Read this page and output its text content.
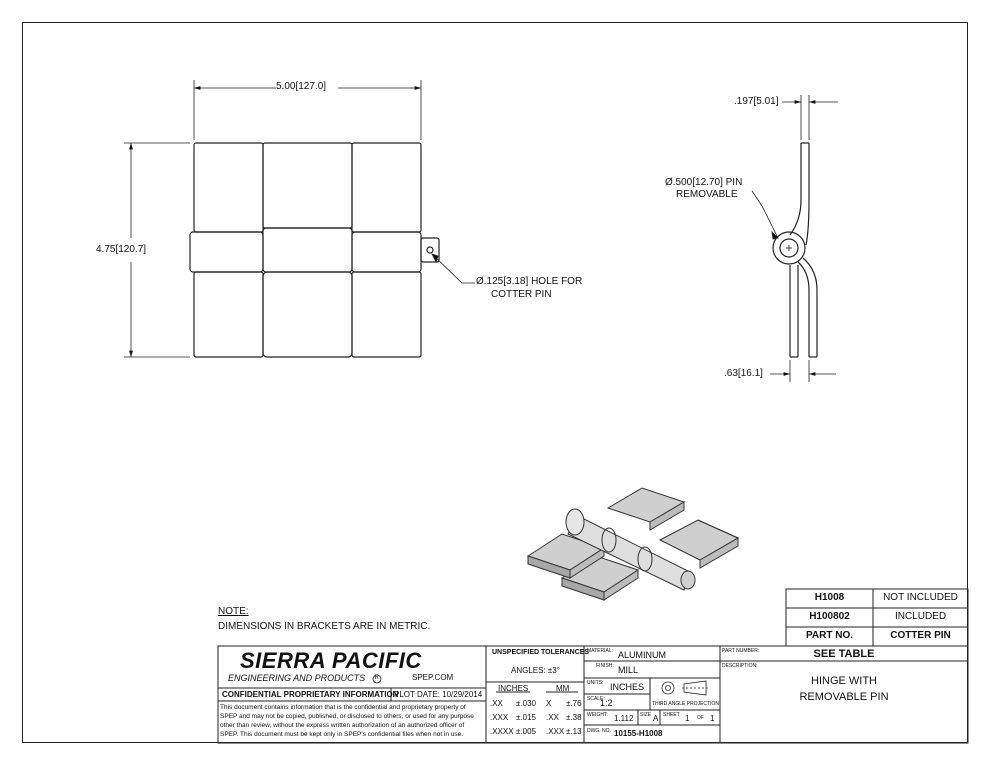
5.00[127.0]
4.75[120.7]
Ø.125[3.18] HOLE FOR
COTTER PIN
.197[5.01]
Ø.500[12.70] PIN
REMOVABLE
.63[16.1]
NOTE:
DIMENSIONS IN BRACKETS ARE IN METRIC.
H1008	NOT INCLUDED
H100802	INCLUDED
PART NO.	COTTER PIN
SIERRA PACIFIC
ENGINEERING AND PRODUCTS R	SPEP.COM
CONFIDENTIAL PROPRIETARY INFORMATION
PLOT DATE: 10/29/2014
This document contains information that is the confidential and proprietary property of
SPEP and may not be copied, published, or disclosed to others, or used for any purpose
other than review, without the express written authorization of an authorized officer of
SPEP. This document must be kept only in SPEP's confidential files when not in use.
UNSPECIFIED TOLERANCES
ANGLES: ±3°
INCHES	MM
.XX ±.030 X ±.76
.XXX ±.015 .XX ±.38
.XXXX ±.005 .XXX ±.13
MATERIAL: ALUMINUM
FINISH: MILL
UNITS: INCHES
SCALE:
1:2	THIRD ANGLE PROJECTION
WEIGHT: 1.112 SIZE A SHEET 1 OF 1
DWG. NO. 10155-H1008
PART NUMBER:	SEE TABLE
DESCRIPTION:
HINGE WITH
REMOVABLE PIN
